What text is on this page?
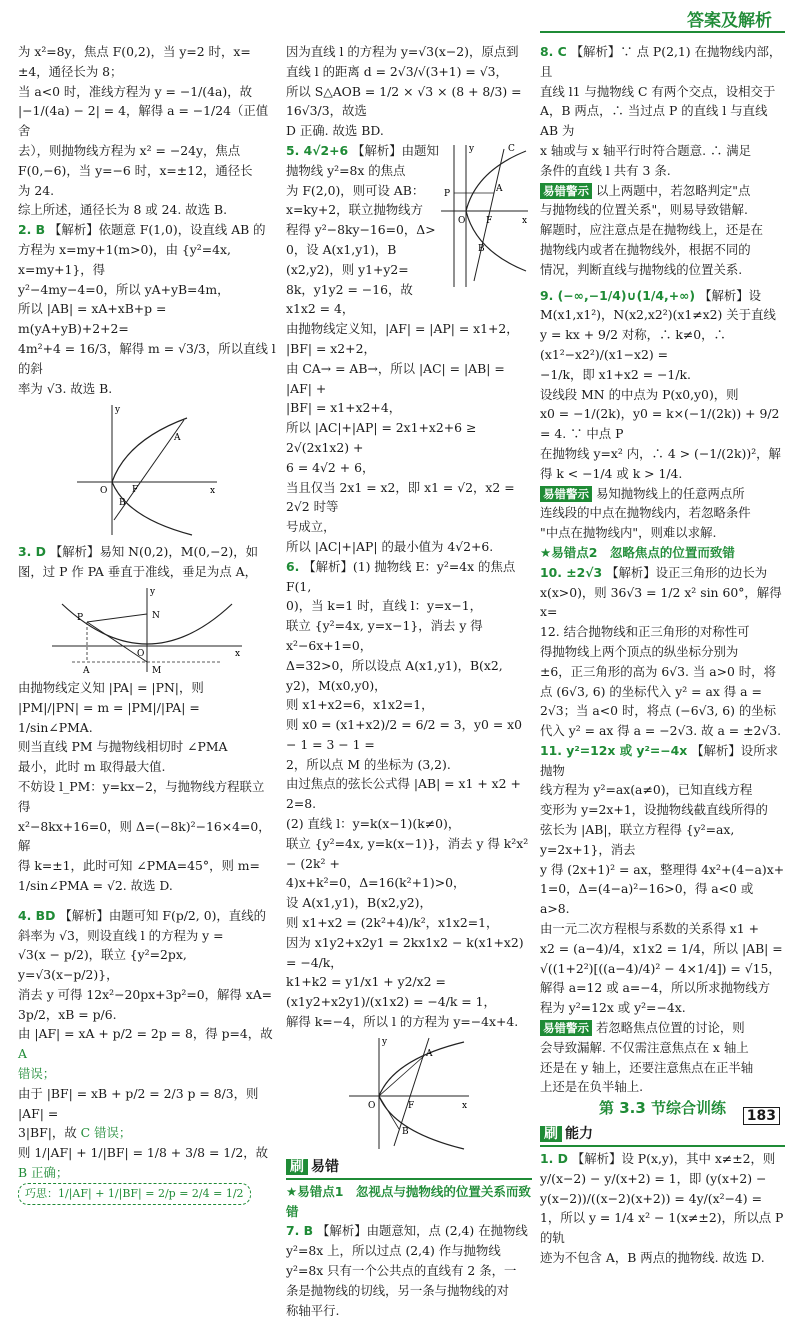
答案及解析

为 x²=8y，焦点 F(0,2)，当 y=2 时，x=

±4，通径长为 8；

当 a<0 时，准线方程为 y = −1/(4a)，故

|−1/(4a) − 2| = 4，解得 a = −1/24（正值舍

去），则抛物线方程为 x² = −24y，焦点

F(0,−6)，当 y=−6 时，x=±12，通径长

为 24.

综上所述，通径长为 8 或 24. 故选 B.

2. B 【解析】依题意 F(1,0)，设直线 AB 的

方程为 x=my+1(m>0)，由 {y²=4x, x=my+1}，得

y²−4my−4=0，所以 yA+yB=4m，

所以 |AB| = xA+xB+p = m(yA+yB)+2+2=

4m²+4 = 16/3，解得 m = √3/3，所以直线 l 的斜

率为 √3. 故选 B.

y
x
O	F
A
B

3. D 【解析】易知 N(0,2)，M(0,−2)，如

图，过 P 作 PA 垂直于准线，垂足为点 A，

y
x
N
P
O
A	M

由抛物线定义知 |PA| = |PN|，则

|PM|/|PN| = m = |PM|/|PA| = 1/sin∠PMA.

则当直线 PM 与抛物线相切时 ∠PMA

最小，此时 m 取得最大值.

不妨设 l_PM：y=kx−2，与抛物线方程联立得

x²−8kx+16=0，则 Δ=(−8k)²−16×4=0，解

得 k=±1，此时可知 ∠PMA=45°，则 m=

1/sin∠PMA = √2. 故选 D.

4. BD 【解析】由题可知 F(p/2, 0)，直线的

斜率为 √3，则设直线 l 的方程为 y =

√3(x − p/2)，联立 {y²=2px, y=√3(x−p/2)}，

消去 y 可得 12x²−20px+3p²=0，解得 xA=

3p/2，xB = p/6.

由 |AF| = xA + p/2 = 2p = 8，得 p=4，故 A

错误；

由于 |BF| = xB + p/2 = 2/3 p = 8/3，则 |AF| =

3|BF|，故 C 错误；

则 1/|AF| + 1/|BF| = 1/8 + 3/8 = 1/2，故 B 正确；

巧思：1/|AF| + 1/|BF| = 2/p = 2/4 = 1/2

因为直线 l 的方程为 y=√3(x−2)，原点到

直线 l 的距离 d = 2√3/√(3+1) = √3，

所以 S△AOB = 1/2 × √3 × (8 + 8/3) = 16√3/3，故选

D 正确. 故选 BD.

y
x
C
P	A
F
O
B

5. 4√2+6 【解析】由题知

抛物线 y²=8x 的焦点

为 F(2,0)，则可设 AB：

x=ky+2，联立抛物线方

程得 y²−8ky−16=0，Δ>

0，设 A(x1,y1)，B

(x2,y2)，则 y1+y2=

8k，y1y2 = −16，故

x1x2 = 4，

由抛物线定义知，|AF| = |AP| = x1+2，

|BF| = x2+2，

由 CA→ = AB→，所以 |AC| = |AB| = |AF| +

|BF| = x1+x2+4，

所以 |AC|+|AP| = 2x1+x2+6 ≥ 2√(2x1x2) +

6 = 4√2 + 6，

当且仅当 2x1 = x2，即 x1 = √2，x2 = 2√2 时等

号成立，

所以 |AC|+|AP| 的最小值为 4√2+6.

6. 【解析】(1) 抛物线 E：y²=4x 的焦点 F(1,

0)，当 k=1 时，直线 l：y=x−1，

联立 {y²=4x, y=x−1}，消去 y 得 x²−6x+1=0，

Δ=32>0，所以设点 A(x1,y1)，B(x2,

y2)，M(x0,y0)，

则 x1+x2=6，x1x2=1，

则 x0 = (x1+x2)/2 = 6/2 = 3，y0 = x0 − 1 = 3 − 1 =

2，所以点 M 的坐标为 (3,2).

由过焦点的弦长公式得 |AB| = x1 + x2 +

2=8.

(2) 直线 l：y=k(x−1)(k≠0)，

联立 {y²=4x, y=k(x−1)}，消去 y 得 k²x² − (2k² +

4)x+k²=0，Δ=16(k²+1)>0，

设 A(x1,y1)，B(x2,y2)，

则 x1+x2 = (2k²+4)/k²，x1x2=1，

因为 x1y2+x2y1 = 2kx1x2 − k(x1+x2) = −4/k，

k1+k2 = y1/x1 + y2/x2 = (x1y2+x2y1)/(x1x2) = −4/k = 1，

解得 k=−4，所以 l 的方程为 y=−4x+4.

y
x
A
O	F
B
刷 易错

★易错点1　忽视点与抛物线的位置关系而致错

7. B 【解析】由题意知，点 (2,4) 在抛物线

y²=8x 上，所以过点 (2,4) 作与抛物线

y²=8x 只有一个公共点的直线有 2 条，一

条是抛物线的切线，另一条与抛物线的对

称轴平行.

8. C 【解析】∵ 点 P(2,1) 在抛物线内部，且

直线 l1 与抛物线 C 有两个交点，设相交于

A，B 两点，∴ 当过点 P 的直线 l 与直线 AB 为

x 轴或与 x 轴平行时符合题意. ∴ 满足

条件的直线 l 共有 3 条.

易错警示 以上两题中，若忽略判定"点

与抛物线的位置关系"，则易导致错解.

解题时，应注意点是在抛物线上，还是在

抛物线内或者在抛物线外，根据不同的

情况，判断直线与抛物线的位置关系.

9. (−∞,−1/4)∪(1/4,+∞) 【解析】设

M(x1,x1²)，N(x2,x2²)(x1≠x2) 关于直线

y = kx + 9/2 对称，∴ k≠0，∴ (x1²−x2²)/(x1−x2) =

−1/k，即 x1+x2 = −1/k.

设线段 MN 的中点为 P(x0,y0)，则

x0 = −1/(2k)，y0 = k×(−1/(2k)) + 9/2 = 4. ∵ 中点 P

在抛物线 y=x² 内，∴ 4 > (−1/(2k))²，解

得 k < −1/4 或 k > 1/4.

易错警示 易知抛物线上的任意两点所

连线段的中点在抛物线内，若忽略条件

"中点在抛物线内"，则难以求解.

★易错点2　忽略焦点的位置而致错

10. ±2√3 【解析】设正三角形的边长为

x(x>0)，则 36√3 = 1/2 x² sin 60°，解得 x=

12. 结合抛物线和正三角形的对称性可

得抛物线上两个顶点的纵坐标分别为

±6，正三角形的高为 6√3. 当 a>0 时，将

点 (6√3, 6) 的坐标代入 y² = ax 得 a =

2√3；当 a<0 时，将点 (−6√3, 6) 的坐标

代入 y² = ax 得 a = −2√3. 故 a = ±2√3.

11. y²=12x 或 y²=−4x 【解析】设所求抛物

线方程为 y²=ax(a≠0)，已知直线方程

变形为 y=2x+1，设抛物线截直线所得的

弦长为 |AB|，联立方程得 {y²=ax, y=2x+1}，消去

y 得 (2x+1)² = ax，整理得 4x²+(4−a)x+

1=0，Δ=(4−a)²−16>0，得 a<0 或 a>8.

由一元二次方程根与系数的关系得 x1 +

x2 = (a−4)/4，x1x2 = 1/4，所以 |AB| =

√((1+2²)[((a−4)/4)² − 4×1/4]) = √15，

解得 a=12 或 a=−4，所以所求抛物线方

程为 y²=12x 或 y²=−4x.

易错警示 若忽略焦点位置的讨论，则

会导致漏解. 不仅需注意焦点在 x 轴上

还是在 y 轴上，还要注意焦点在正半轴

上还是在负半轴上.

第 3.3 节综合训练

刷 能力

1. D 【解析】设 P(x,y)，其中 x≠±2，则

y/(x−2) − y/(x+2) = 1，即 (y(x+2) − y(x−2))/((x−2)(x+2)) = 4y/(x²−4) =

1，所以 y = 1/4 x² − 1(x≠±2)，所以点 P 的轨

迹为不包含 A，B 两点的抛物线. 故选 D.

183
